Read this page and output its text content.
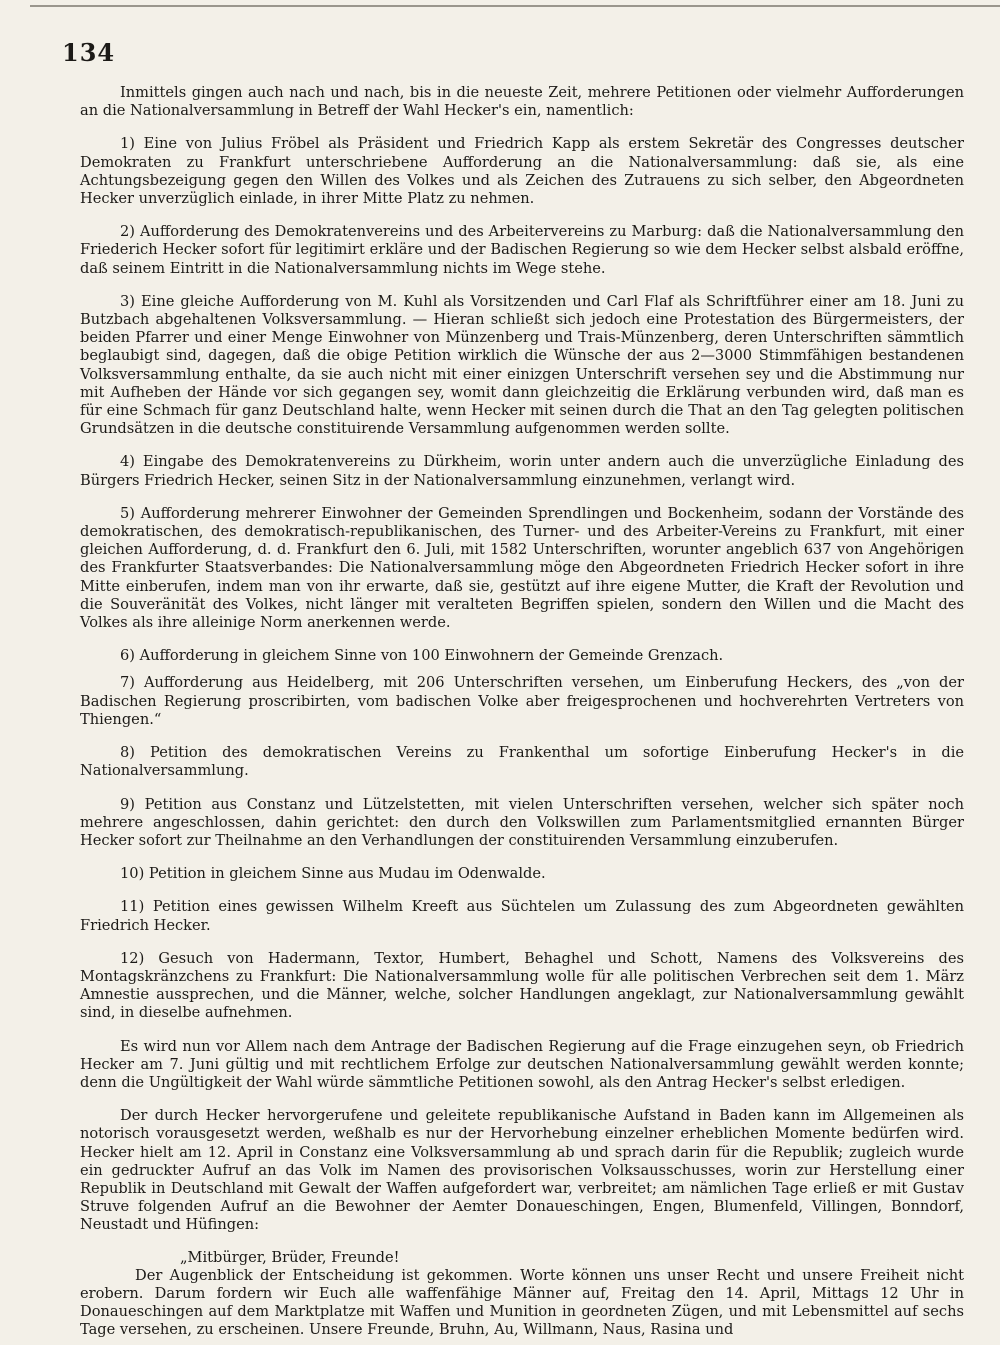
134

Inmittels gingen auch nach und nach, bis in die neueste Zeit, mehrere Petitionen oder vielmehr Aufforderungen an die Nationalversammlung in Betreff der Wahl Hecker's ein, namentlich:

1) Eine von Julius Fröbel als Präsident und Friedrich Kapp als erstem Sekretär des Congresses deutscher Demokraten zu Frankfurt unterschriebene Aufforderung an die Nationalversammlung: daß sie, als eine Achtungsbezeigung gegen den Willen des Volkes und als Zeichen des Zutrauens zu sich selber, den Abgeordneten Hecker unverzüglich einlade, in ihrer Mitte Platz zu nehmen.

2) Aufforderung des Demokratenvereins und des Arbeitervereins zu Marburg: daß die Nationalversammlung den Friederich Hecker sofort für legitimirt erkläre und der Badischen Regierung so wie dem Hecker selbst alsbald eröffne, daß seinem Eintritt in die Nationalversammlung nichts im Wege stehe.

3) Eine gleiche Aufforderung von M. Kuhl als Vorsitzenden und Carl Flaf als Schriftführer einer am 18. Juni zu Butzbach abgehaltenen Volksversammlung. — Hieran schließt sich jedoch eine Protestation des Bürgermeisters, der beiden Pfarrer und einer Menge Einwohner von Münzenberg und Trais-Münzenberg, deren Unterschriften sämmtlich beglaubigt sind, dagegen, daß die obige Petition wirklich die Wünsche der aus 2—3000 Stimmfähigen bestandenen Volksversammlung enthalte, da sie auch nicht mit einer einizgen Unterschrift versehen sey und die Abstimmung nur mit Aufheben der Hände vor sich gegangen sey, womit dann gleichzeitig die Erklärung verbunden wird, daß man es für eine Schmach für ganz Deutschland halte, wenn Hecker mit seinen durch die That an den Tag gelegten politischen Grundsätzen in die deutsche constituirende Versammlung aufgenommen werden sollte.

4) Eingabe des Demokratenvereins zu Dürkheim, worin unter andern auch die unverzügliche Einladung des Bürgers Friedrich Hecker, seinen Sitz in der Nationalversammlung einzunehmen, verlangt wird.

5) Aufforderung mehrerer Einwohner der Gemeinden Sprendlingen und Bockenheim, sodann der Vorstände des demokratischen, des demokratisch-republikanischen, des Turner- und des Arbeiter-Vereins zu Frankfurt, mit einer gleichen Aufforderung, d. d. Frankfurt den 6. Juli, mit 1582 Unterschriften, worunter angeblich 637 von Angehörigen des Frankfurter Staatsverbandes: Die Nationalversammlung möge den Abgeordneten Friedrich Hecker sofort in ihre Mitte einberufen, indem man von ihr erwarte, daß sie, gestützt auf ihre eigene Mutter, die Kraft der Revolution und die Souveränität des Volkes, nicht länger mit veralteten Begriffen spielen, sondern den Willen und die Macht des Volkes als ihre alleinige Norm anerkennen werde.

6) Aufforderung in gleichem Sinne von 100 Einwohnern der Gemeinde Grenzach.

7) Aufforderung aus Heidelberg, mit 206 Unterschriften versehen, um Einberufung Heckers, des „von der Badischen Regierung proscribirten, vom badischen Volke aber freigesprochenen und hochverehrten Vertreters von Thiengen.“

8) Petition des demokratischen Vereins zu Frankenthal um sofortige Einberufung Hecker's in die Nationalversammlung.

9) Petition aus Constanz und Lützelstetten, mit vielen Unterschriften versehen, welcher sich später noch mehrere angeschlossen, dahin gerichtet: den durch den Volkswillen zum Parlamentsmitglied ernannten Bürger Hecker sofort zur Theilnahme an den Verhandlungen der constituirenden Versammlung einzuberufen.

10) Petition in gleichem Sinne aus Mudau im Odenwalde.

11) Petition eines gewissen Wilhelm Kreeft aus Süchtelen um Zulassung des zum Abgeordneten gewählten Friedrich Hecker.

12) Gesuch von Hadermann, Textor, Humbert, Behaghel und Schott, Namens des Volksvereins des Montagskränzchens zu Frankfurt: Die Nationalversammlung wolle für alle politischen Verbrechen seit dem 1. März Amnestie aussprechen, und die Männer, welche, solcher Handlungen angeklagt, zur Nationalversammlung gewählt sind, in dieselbe aufnehmen.

Es wird nun vor Allem nach dem Antrage der Badischen Regierung auf die Frage einzugehen seyn, ob Friedrich Hecker am 7. Juni gültig und mit rechtlichem Erfolge zur deutschen Nationalversammlung gewählt werden konnte; denn die Ungültigkeit der Wahl würde sämmtliche Petitionen sowohl, als den Antrag Hecker's selbst erledigen.

Der durch Hecker hervorgerufene und geleitete republikanische Aufstand in Baden kann im Allgemeinen als notorisch vorausgesetzt werden, weßhalb es nur der Hervorhebung einzelner erheblichen Momente bedürfen wird. Hecker hielt am 12. April in Constanz eine Volksversammlung ab und sprach darin für die Republik; zugleich wurde ein gedruckter Aufruf an das Volk im Namen des provisorischen Volksausschusses, worin zur Herstellung einer Republik in Deutschland mit Gewalt der Waffen aufgefordert war, verbreitet; am nämlichen Tage erließ er mit Gustav Struve folgenden Aufruf an die Bewohner der Aemter Donaueschingen, Engen, Blumenfeld, Villingen, Bonndorf, Neustadt und Hüfingen:

„Mitbürger, Brüder, Freunde!

Der Augenblick der Entscheidung ist gekommen. Worte können uns unser Recht und unsere Freiheit nicht erobern. Darum fordern wir Euch alle waffenfähige Männer auf, Freitag den 14. April, Mittags 12 Uhr in Donaueschingen auf dem Marktplatze mit Waffen und Munition in geordneten Zügen, und mit Lebensmittel auf sechs Tage versehen, zu erscheinen. Unsere Freunde, Bruhn, Au, Willmann, Naus, Rasina und
